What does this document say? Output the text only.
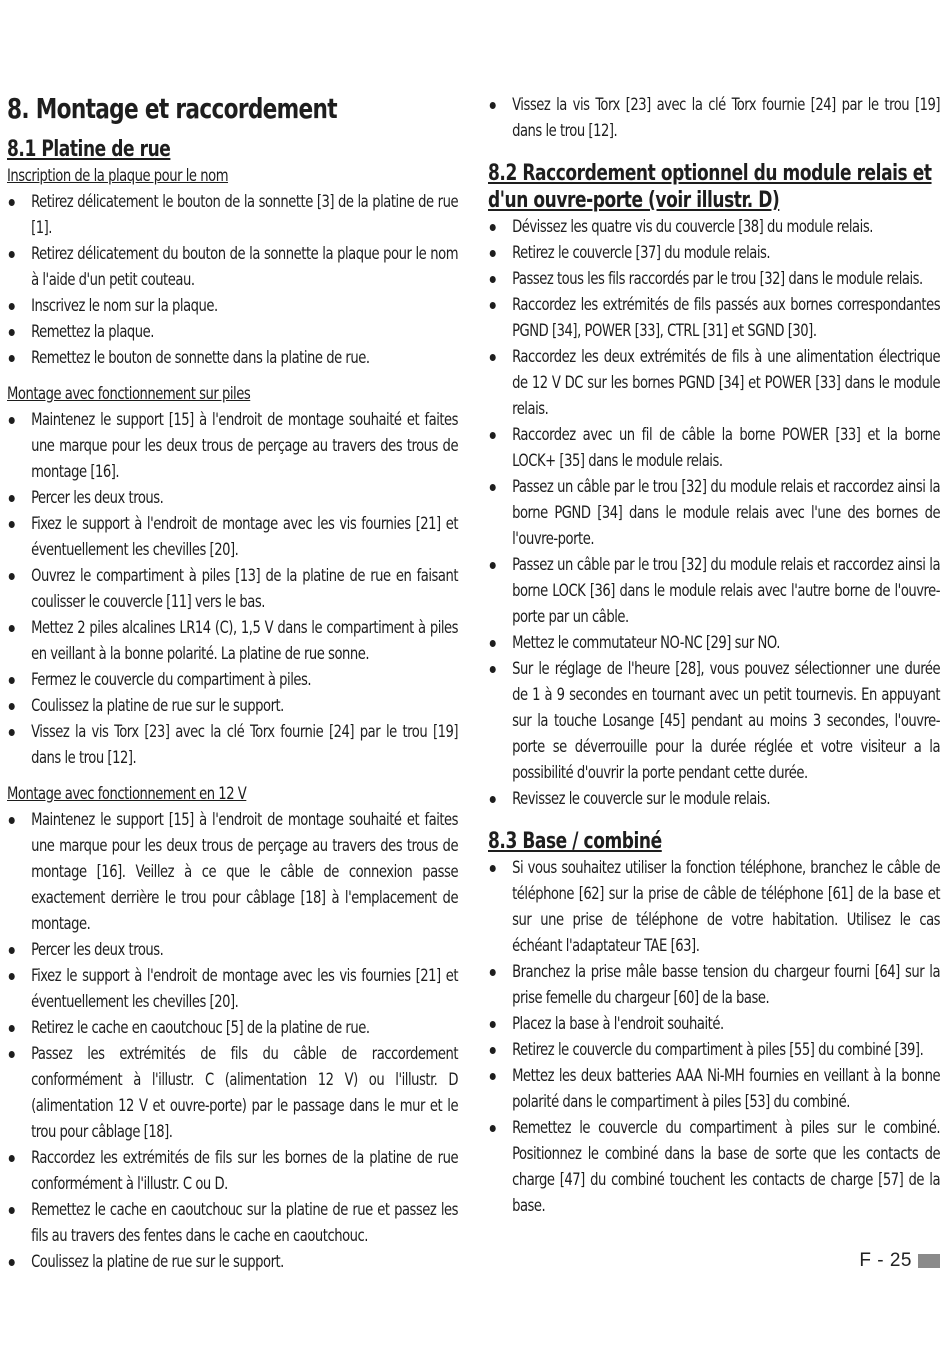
8. Montage et raccordement
8.1 Platine de rue

Inscription de la plaque pour le nom

Retirez délicatement le bouton de la sonnette [3] de la platine de rue [1].
Retirez délicatement du bouton de la sonnette la plaque pour le nom à l'aide d'un petit couteau.
Inscrivez le nom sur la plaque.
Remettez la plaque.
Remettez le bouton de sonnette dans la platine de rue.

Montage avec fonctionnement sur piles

Maintenez le support [15] à l'endroit de montage souhaité et faites une marque pour les deux trous de perçage au travers des trous de montage [16].
Percer les deux trous.
Fixez le support à l'endroit de montage avec les vis fournies [21] et éventuellement les chevilles [20].
Ouvrez le compartiment à piles [13] de la platine de rue en faisant coulisser le couvercle [11] vers le bas.
Mettez 2 piles alcalines LR14 (C), 1,5 V dans le compartiment à piles en veillant à la bonne polarité. La platine de rue sonne.
Fermez le couvercle du compartiment à piles.
Coulissez la platine de rue sur le support.
Vissez la vis Torx [23] avec la clé Torx fournie [24] par le trou [19] dans le trou [12].

Montage avec fonctionnement en 12 V

Maintenez le support [15] à l'endroit de montage souhaité et faites une marque pour les deux trous de perçage au travers des trous de montage [16]. Veillez à ce que le câble de connexion passe exactement derrière le trou pour câblage [18] à l'emplacement de montage.
Percer les deux trous.
Fixez le support à l'endroit de montage avec les vis fournies [21] et éventuellement les chevilles [20].
Retirez le cache en caoutchouc [5] de la platine de rue.
Passez les extrémités de fils du câble de raccordement conformément à l'illustr. C (alimentation 12 V) ou l'illustr. D (alimentation 12 V et ouvre-porte) par le passage dans le mur et le trou pour câblage [18].
Raccordez les extrémités de fils sur les bornes de la platine de rue conformément à l'illustr. C ou D.
Remettez le cache en caoutchouc sur la platine de rue et passez les fils au travers des fentes dans le cache en caoutchouc.
Coulissez la platine de rue sur le support.
Vissez la vis Torx [23] avec la clé Torx fournie [24] par le trou [19] dans le trou [12].
8.2 Raccordement optionnel du module relais et d'un ouvre-porte (voir illustr. D)
Dévissez les quatre vis du couvercle [38] du module relais.
Retirez le couvercle [37] du module relais.
Passez tous les fils raccordés par le trou [32] dans le module relais.
Raccordez les extrémités de fils passés aux bornes correspondantes PGND [34], POWER [33], CTRL [31] et SGND [30].
Raccordez les deux extrémités de fils à une alimentation électrique de 12 V DC sur les bornes PGND [34] et POWER [33] dans le module relais.
Raccordez avec un fil de câble la borne POWER [33] et la borne LOCK+ [35] dans le module relais.
Passez un câble par le trou [32] du module relais et raccordez ainsi la borne PGND [34] dans le module relais avec l'une des bornes de l'ouvre-porte.
Passez un câble par le trou [32] du module relais et raccordez ainsi la borne LOCK [36] dans le module relais avec l'autre borne de l'ouvre-porte par un câble.
Mettez le commutateur NO-NC [29] sur NO.
Sur le réglage de l'heure [28], vous pouvez sélectionner une durée de 1 à 9 secondes en tournant avec un petit tournevis. En appuyant sur la touche Losange [45] pendant au moins 3 secondes, l'ouvre-porte se déverrouille pour la durée réglée et votre visiteur a la possibilité d'ouvrir la porte pendant cette durée.
Revissez le couvercle sur le module relais.
8.3 Base / combiné
Si vous souhaitez utiliser la fonction téléphone, branchez le câble de téléphone [62] sur la prise de câble de téléphone [61] de la base et sur une prise de téléphone de votre habitation. Utilisez le cas échéant l'adaptateur TAE [63].
Branchez la prise mâle basse tension du chargeur fourni [64] sur la prise femelle du chargeur [60] de la base.
Placez la base à l'endroit souhaité.
Retirez le couvercle du compartiment à piles [55] du combiné [39].
Mettez les deux batteries AAA Ni-MH fournies en veillant à la bonne polarité dans le compartiment à piles [53] du combiné.
Remettez le couvercle du compartiment à piles sur le combiné. Positionnez le combiné dans la base de sorte que les contacts de charge [47] du combiné touchent les contacts de charge [57] de la base.
F - 25
